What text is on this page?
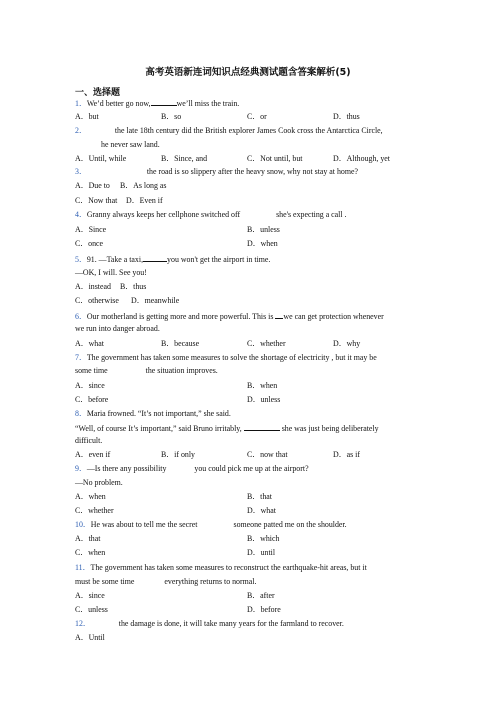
高考英语新连词知识点经典测试题含答案解析(5)
一、选择题
1．We’d better go now,	we’ll miss the train.
A．but	B．so	C．or	D．thus
2．	the late 18th century did the British explorer James Cook cross the Antarctica Circle,
he never saw land.
A．Until, while	B．Since, and	C．Not until, but	D．Although, yet
3．	the road is so slippery after the heavy snow, why not stay at home?
A．Due to B．As long as
C．Now that D．Even if
4．Granny always keeps her cellphone switched off	she's expecting a call .
A．Since	B．unless
C．once	D．when
5．91. —Take a taxi,	you won't get the airport in time.
—OK, I will. See you!
A．instead B．thus
C．otherwise D．meanwhile
6．Our motherland is getting more and more powerful. This is we can get protection whenever
we run into danger abroad.
A．what	B．because	C．whether	D．why
7．The government has taken some measures to solve the shortage of electricity , but it may be
some time	the situation improves.
A．since	B．when
C．before	D．unless
8．Maria frowned. “It’s not important,” she said.
“Well, of course It’s important,” said Bruno irritably,	she was just being deliberately
difficult.
A．even if	B．if only	C．now that	D．as if
9．—Is there any possibility	you could pick me up at the airport?
—No problem.
A．when	B．that
C．whether	D．what
10．He was about to tell me the secret	someone patted me on the shoulder.
A．that	B．which
C．when	D．until
11．The government has taken some measures to reconstruct the earthquake-hit areas, but it
must be some time	everything returns to normal.
A．since	B．after
C．unless	D．before
12．	the damage is done, it will take many years for the farmland to recover.
A．Until
